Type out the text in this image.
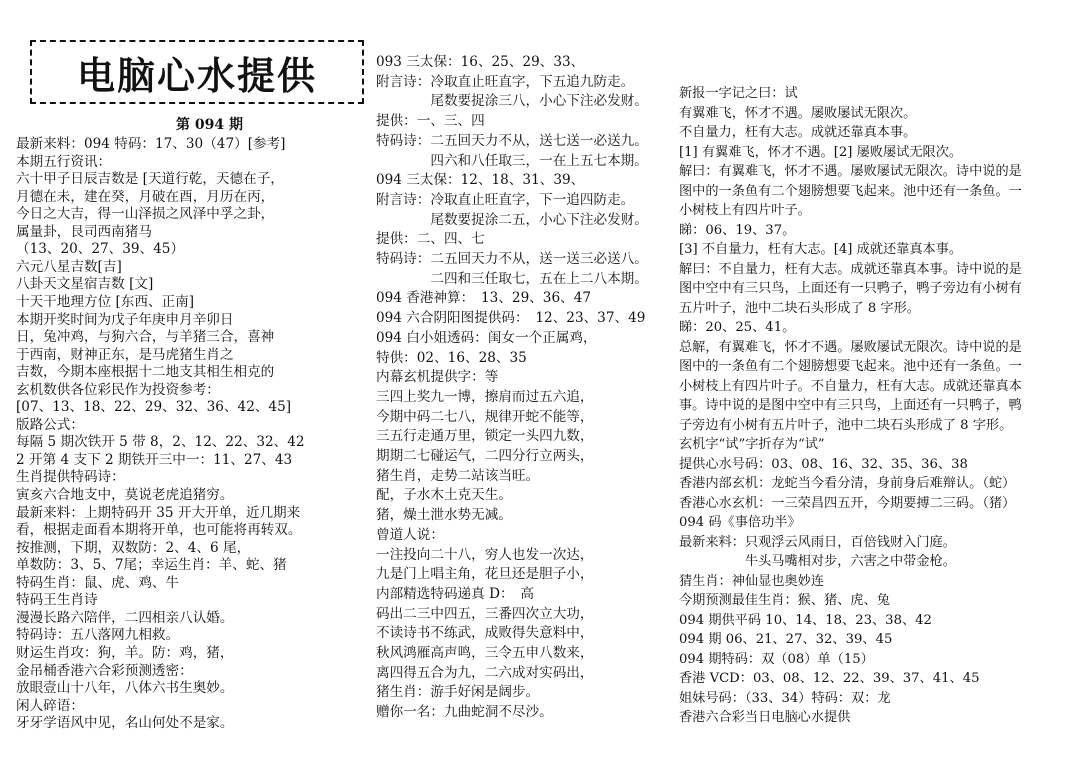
电脑心水提供
第 094 期
最新来料：094 特码：17、30（47）[参考]
本期五行资讯：
六十甲子日辰吉数是 [天道行乾，天德在子，
月德在未，建在癸，月破在酉，月历在丙，
今日之大吉，得一山泽损之风泽中孚之卦，
属量卦，艮司西南猪马
（13、20、27、39、45）
六元八星吉数[吉]
八卦天文星宿吉数 [文]
十天干地理方位 [东西、正南]
本期开奖时间为戊子年庚申月辛卯日
日，兔冲鸡，与狗六合，与羊猪三合，喜神
于西南，财神正东，是马虎猪生肖之
吉数，今期本座根据十二地支其相生相克的
玄机数供各位彩民作为投资参考：
[07、13、18、22、29、32、36、42、45]
版路公式：
每隔 5 期次铁开 5 带 8，2、12、22、32、42
2 开第 4 支下 2 期铁开三中一：11、27、43
生肖提供特码诗：
寅亥六合地支中，莫说老虎追猪穷。
最新来料：上期特码开 35 开大开单，近几期来
看，根据走面看本期将开单，也可能将再转双。
按推测，下期，双数防：2、4、6 尾，
单数防：3、5、7尾；幸运生肖：羊、蛇、猪
特码生肖：鼠、虎、鸡、牛
特码王生肖诗
漫漫长路六陪伴，二四相亲八认婚。
特码诗：五八落网九相救。
财运生肖攻：狗，羊。防：鸡，猪，
金吊桶香港六合彩预测透密：
放眼壹山十八年，八体六书生奥妙。
闲人碎语：
牙牙学语风中见，名山何处不是家。
093 三太保：16、25、29、33、
附言诗：冷取直止旺直字，下五追九防走。
　　　　尾数要捉涂三八，小心下注必发财。
提供：一、三、四
特码诗：二五回天力不从，送七送一必送九。
　　　　四六和八任取三，一在上五七本期。
094 三太保：12、18、31、39、
附言诗：冷取直止旺直字，下一追四防走。
　　　　尾数要捉涂二五，小心下注必发财。
提供：二、四、七
特码诗：二五回天力不从，送一送三必送八。
　　　　二四和三任取七，五在上二八本期。
094 香港神算：　13、29、36、47
094 六合阴阳图提供码：　12、23、37、49
094 白小姐透码：闺女一个正属鸡，
特供：02、16、28、35
内幕玄机提供字：等
三四上奖九一博，擦肩而过五六追，
今期中码二七八，规律开蛇不能等，
三五行走通万里，锁定一头四九数，
期期二七碰运气，二四分行立两头，
猪生肖，走势二站该当旺。
配，子水木土克天生。
猪，燥土泄水势无减。
曾道人说：
一注投向二十八，穷人也发一次达，
九是门上唱主角，花旦还是胆子小，
内部精选特码递真 D：　高
码出二三中四五，三番四次立大功，
不读诗书不练武，成败得失意料中，
秋风鸿雁高声鸣，三令五申八数来，
离四得五合为九，二六成对实码出，
猪生肖：游手好闲是阔步。
赠你一名：九曲蛇洞不尽沙。
新报一字记之曰：试
有翼难飞，怀才不遇。屡败屡试无限次。
不自量力，枉有大志。成就还靠真本事。
[1] 有翼难飞，怀才不遇。[2] 屡败屡试无限次。
解曰：有翼难飞，怀才不遇。屡败屡试无限次。诗中说的是
图中的一条鱼有二个翅膀想要飞起来。池中还有一条鱼。一
小树枝上有四片叶子。
睇：06、19、37。
[3] 不自量力，枉有大志。[4] 成就还靠真本事。
解曰：不自量力，枉有大志。成就还靠真本事。诗中说的是
图中空中有三只鸟，上面还有一只鸭子，鸭子旁边有小树有
五片叶子，池中二块石头形成了 8 字形。
睇：20、25、41。
总解，有翼难飞，怀才不遇。屡败屡试无限次。诗中说的是
图中的一条鱼有二个翅膀想要飞起来。池中还有一条鱼。一
小树枝上有四片叶子。不自量力，枉有大志。成就还靠真本
事。诗中说的是图中空中有三只鸟，上面还有一只鸭子，鸭
子旁边有小树有五片叶子，池中二块石头形成了 8 字形。
玄机字“试”字折存为“试”
提供心水号码：03、08、16、32、35、36、38
香港内部玄机：龙蛇当今看分清，身前身后难辩认。（蛇）
香港心水玄机：一三荣昌四五开，今期要搏二三码。（猪）
094 码《事倍功半》
最新来料：只观浮云风雨日，百倍钱财入门庭。
　　　　　牛头马嘴相对步，六害之中带金枪。
猜生肖：神仙显也奥妙连
今期预测最佳生肖：猴、猪、虎、兔
094 期供平码 10、14、18、23、38、42
094 期 06、21、27、32、39、45
094 期特码：双（08）单（15）
香港 VCD：03、08、12、22、39、37、41、45
姐妹号码：（33、34）特码：双：龙
香港六合彩当日电脑心水提供
